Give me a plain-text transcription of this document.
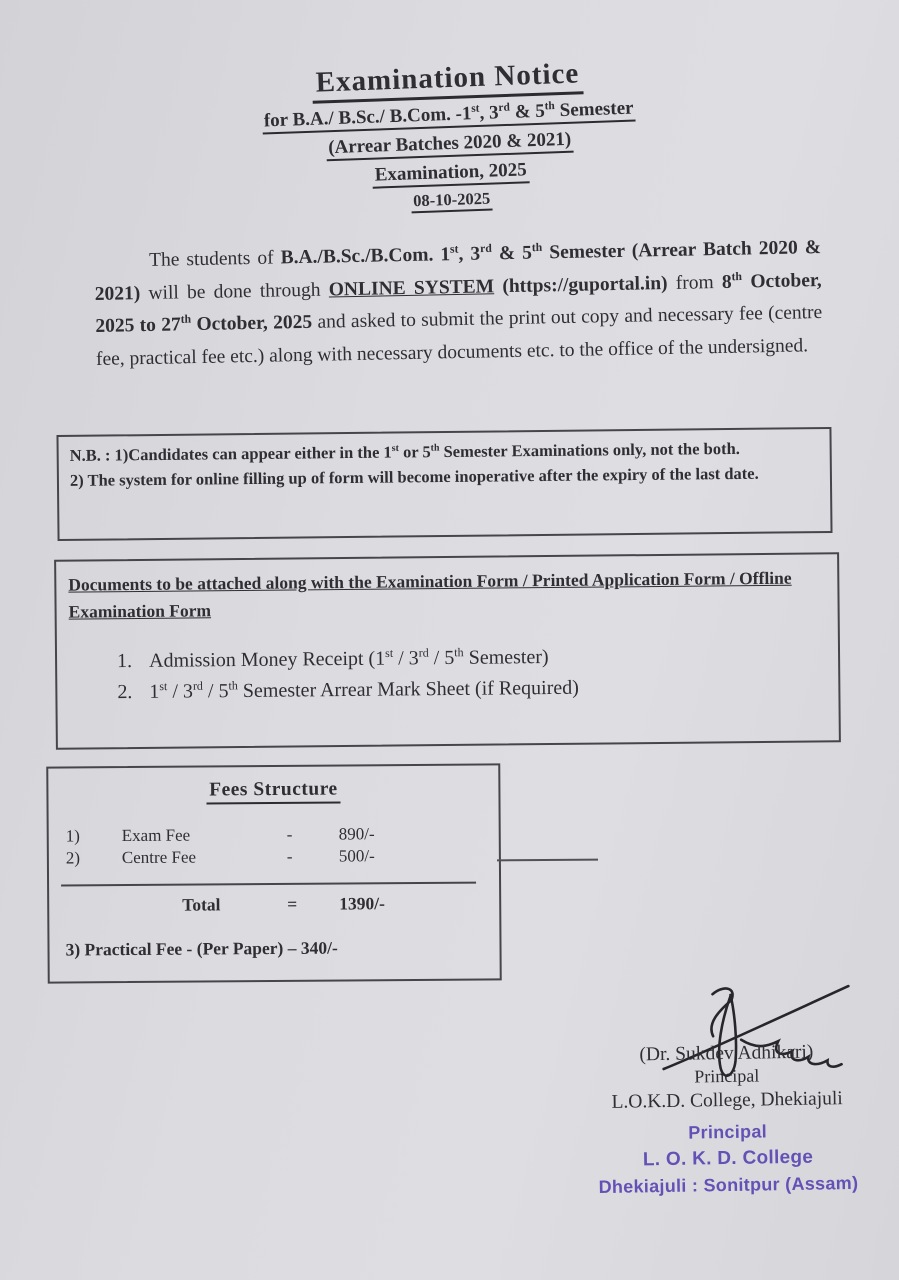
Examination Notice
for B.A./ B.Sc./ B.Com. -1st, 3rd & 5th Semester
(Arrear Batches 2020 & 2021)
Examination, 2025
08-10-2025

The students of B.A./B.Sc./B.Com. 1st, 3rd & 5th Semester (Arrear Batch 2020 & 2021) will be done through ONLINE SYSTEM (https://guportal.in) from 8th October, 2025 to 27th October, 2025 and asked to submit the print out copy and necessary fee (centre fee, practical fee etc.) along with necessary documents etc. to the office of the undersigned.

N.B. : 1)Candidates can appear either in the 1st or 5th Semester Examinations only, not the both.
2) The system for online filling up of form will become inoperative after the expiry of the last date.
Documents to be attached along with the Examination Form / Printed Application Form / Offline Examination Form
1. Admission Money Receipt (1st / 3rd / 5th Semester)
2. 1st / 3rd / 5th Semester Arrear Mark Sheet (if Required)
Fees Structure
1)	Exam Fee	-	890/-
2)	Centre Fee	-	500/-
Total	=	1390/-
3) Practical Fee - (Per Paper) – 340/-
(Dr. Sukdev Adhikari)
Principal
L.O.K.D. College, Dhekiajuli
Principal
L. O. K. D. College
Dhekiajuli : Sonitpur (Assam)
